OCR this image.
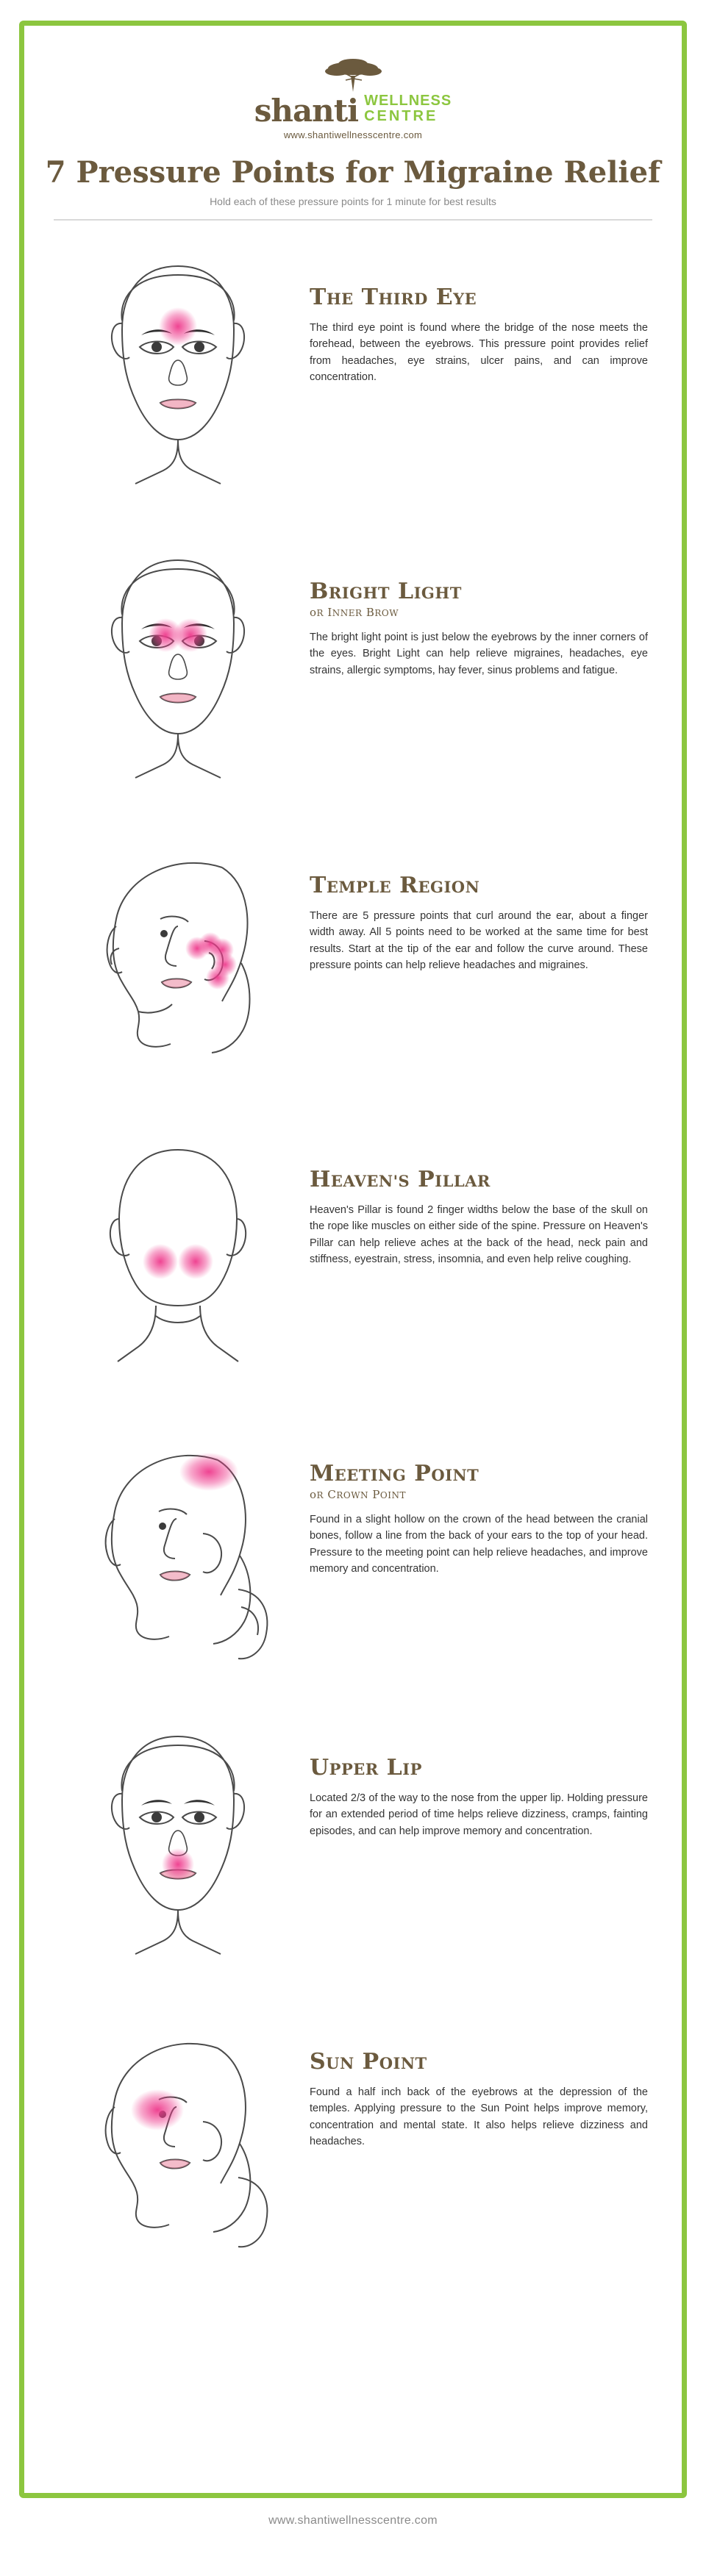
shanti WELLNESS
CENTRE
www.shantiwellnesscentre.com
7 Pressure Points for Migraine Relief
Hold each of these pressure points for 1 minute for best results
THE THIRD EYE
The third eye point is found where the bridge of the nose meets the forehead, between the eyebrows. This pressure point provides relief from headaches, eye strains, ulcer pains, and can improve concentration.
BRIGHT LIGHT
oR INNER BROW
The bright light point is just below the eyebrows by the inner corners of the eyes. Bright Light can help relieve migraines, headaches, eye strains, allergic symptoms, hay fever, sinus problems and fatigue.
TEMPLE REGION
There are 5 pressure points that curl around the ear, about a finger width away. All 5 points need to be worked at the same time for best results. Start at the tip of the ear and follow the curve around. These pressure points can help relieve headaches and migraines.
HEAVEN'S PILLAR
Heaven's Pillar is found 2 finger widths below the base of the skull on the rope like muscles on either side of the spine. Pressure on Heaven's Pillar can help relieve aches at the back of the head, neck pain and stiffness, eyestrain, stress, insomnia, and even help relive coughing.
MEETING POINT
oR CROWN POINT
Found in a slight hollow on the crown of the head between the cranial bones, follow a line from the back of your ears to the top of your head. Pressure to the meeting point can help relieve headaches, and improve memory and concentration.
UPPER LIP
Located 2/3 of the way to the nose from the upper lip. Holding pressure for an extended period of time helps relieve dizziness, cramps, fainting episodes, and can help improve memory and concentration.
SUN POINT
Found a half inch back of the eyebrows at the depression of the temples. Applying pressure to the Sun Point helps improve memory, concentration and mental state. It also helps relieve dizziness and headaches.
www.shantiwellnesscentre.com
